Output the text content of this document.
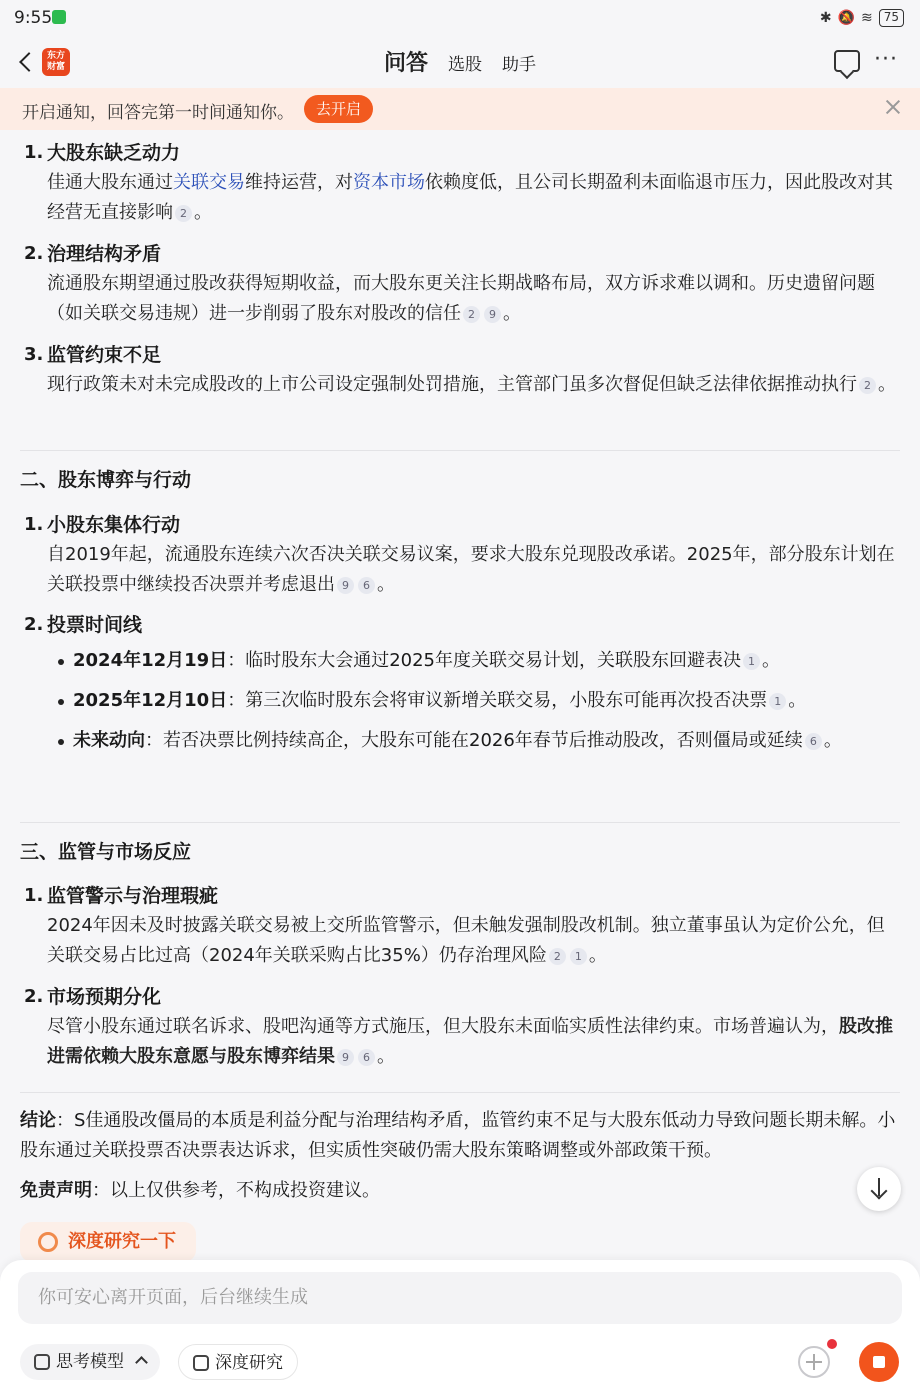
9:55	✱ 🔕 ≋ 75
东方
财富	问答 选股 助手	···
开启通知，回答完第一时间通知你。	去开启
1. 大股东缺乏动力
佳通大股东通过关联交易维持运营，对资本市场依赖度低，且公司长期盈利未面临退市压力，因此股改对其经营无直接影响 2 。
2. 治理结构矛盾
流通股东期望通过股改获得短期收益，而大股东更关注长期战略布局，双方诉求难以调和。历史遗留问题（如关联交易违规）进一步削弱了股东对股改的信任 2 9 。
3. 监管约束不足
现行政策未对未完成股改的上市公司设定强制处罚措施，主管部门虽多次督促但缺乏法律依据推动执行 2 。
二、股东博弈与行动
1. 小股东集体行动
自2019年起，流通股东连续六次否决关联交易议案，要求大股东兑现股改承诺。2025年，部分股东计划在关联投票中继续投否决票并考虑退出 9 6 。
2. 投票时间线
2024年12月19日：临时股东大会通过2025年度关联交易计划，关联股东回避表决 1 。
2025年12月10日：第三次临时股东会将审议新增关联交易，小股东可能再次投否决票 1 。
未来动向：若否决票比例持续高企，大股东可能在2026年春节后推动股改，否则僵局或延续 6 。
三、监管与市场反应
1. 监管警示与治理瑕疵
2024年因未及时披露关联交易被上交所监管警示，但未触发强制股改机制。独立董事虽认为定价公允，但关联交易占比过高（2024年关联采购占比35%）仍存治理风险 2 1 。
2. 市场预期分化
尽管小股东通过联名诉求、股吧沟通等方式施压，但大股东未面临实质性法律约束。市场普遍认为，股改推进需依赖大股东意愿与股东博弈结果 9 6 。
结论：S佳通股改僵局的本质是利益分配与治理结构矛盾，监管约束不足与大股东低动力导致问题长期未解。小股东通过关联投票否决票表达诉求，但实质性突破仍需大股东策略调整或外部政策干预。
免责声明：以上仅供参考，不构成投资建议。
深度研究一下
你可安心离开页面，后台继续生成
思考模型	深度研究
